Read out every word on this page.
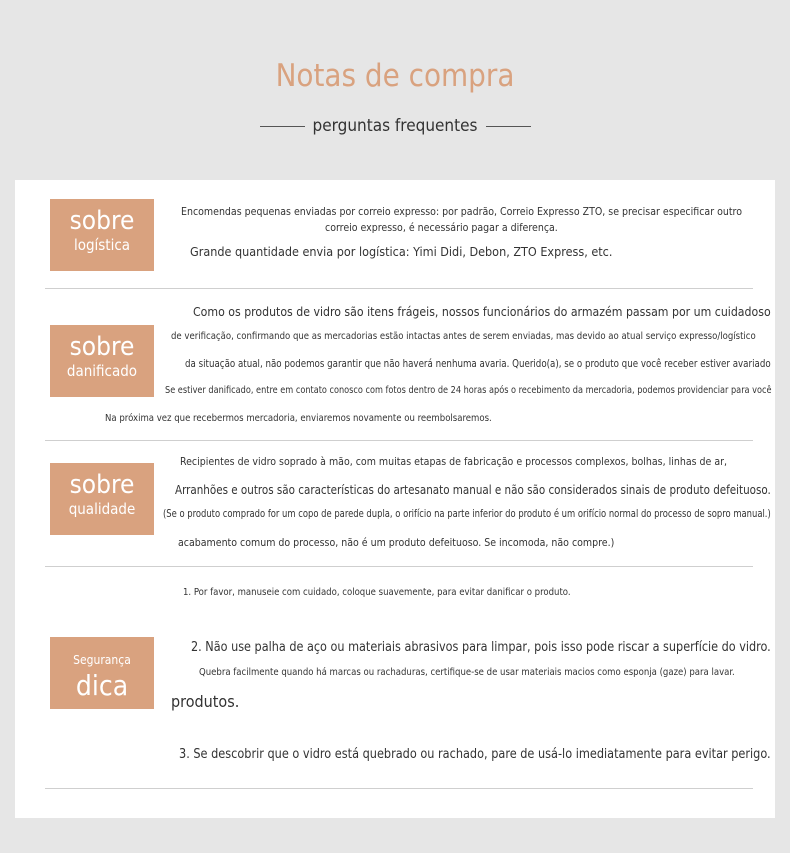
Notas de compra
perguntas frequentes
sobre
logística
Encomendas pequenas enviadas por correio expresso: por padrão, Correio Expresso ZTO, se precisar especificar outro
correio expresso, é necessário pagar a diferença.
Grande quantidade envia por logística: Yimi Didi, Debon, ZTO Express, etc.
sobre
danificado
Como os produtos de vidro são itens frágeis, nossos funcionários do armazém passam por um cuidadoso
de verificação, confirmando que as mercadorias estão intactas antes de serem enviadas, mas devido ao atual serviço expresso/logístico
da situação atual, não podemos garantir que não haverá nenhuma avaria. Querido(a), se o produto que você receber estiver avariado
Se estiver danificado, entre em contato conosco com fotos dentro de 24 horas após o recebimento da mercadoria, podemos providenciar para você
Na próxima vez que recebermos mercadoria, enviaremos novamente ou reembolsaremos.
sobre
qualidade
Recipientes de vidro soprado à mão, com muitas etapas de fabricação e processos complexos, bolhas, linhas de ar,
Arranhões e outros são características do artesanato manual e não são considerados sinais de produto defeituoso.
(Se o produto comprado for um copo de parede dupla, o orifício na parte inferior do produto é um orifício normal do processo de sopro manual.)
acabamento comum do processo, não é um produto defeituoso. Se incomoda, não compre.)
1. Por favor, manuseie com cuidado, coloque suavemente, para evitar danificar o produto.
Segurança
dica
2. Não use palha de aço ou materiais abrasivos para limpar, pois isso pode riscar a superfície do vidro.
Quebra facilmente quando há marcas ou rachaduras, certifique-se de usar materiais macios como esponja (gaze) para lavar.
produtos.
3. Se descobrir que o vidro está quebrado ou rachado, pare de usá-lo imediatamente para evitar perigo.
